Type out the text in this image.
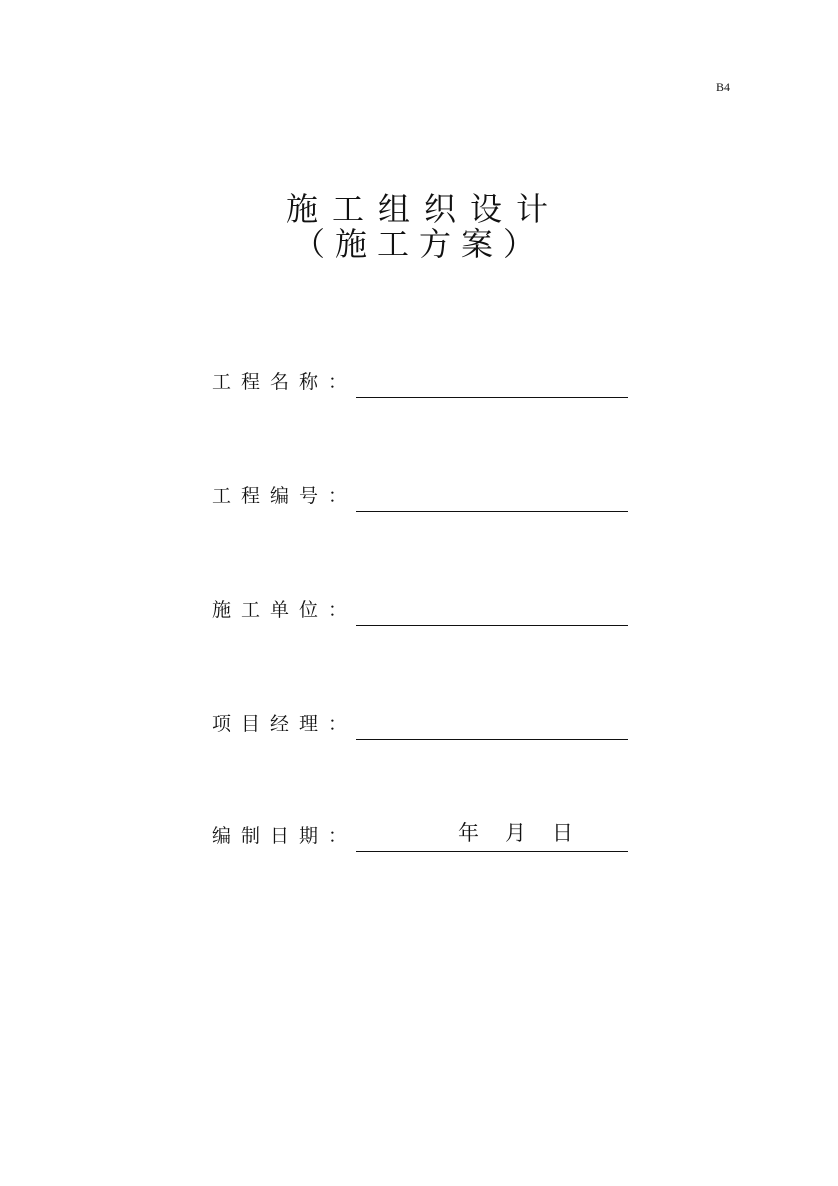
B4
施工组织设计
（施工方案）
工程名称：
工程编号：
施工单位：
项目经理：
编制日期：	年 月 日
